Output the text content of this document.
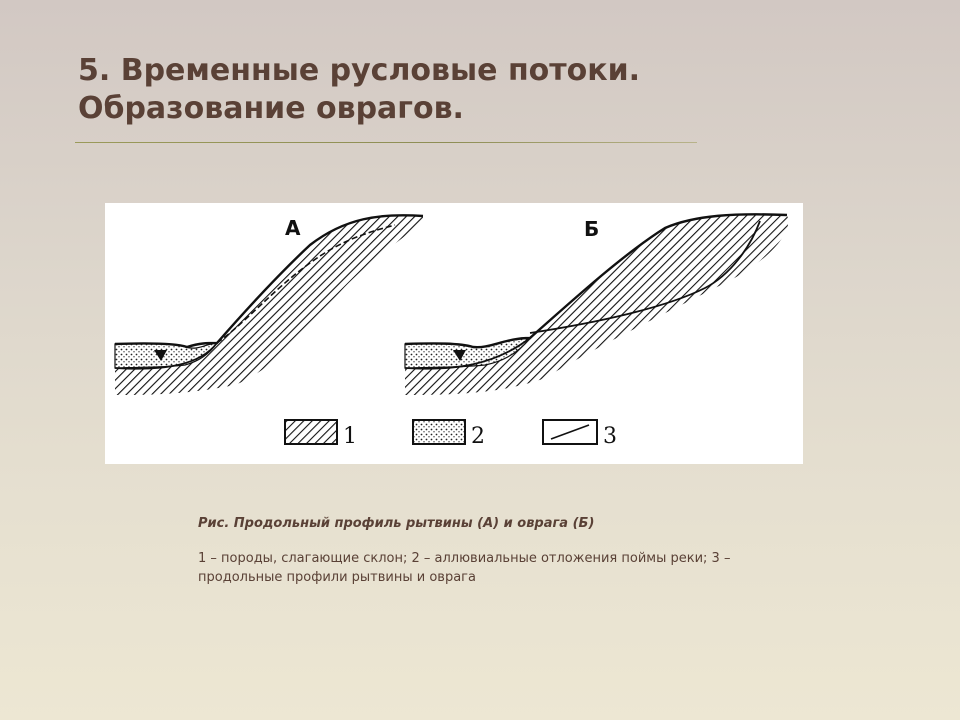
5. Временные русловые потоки.
Образование оврагов.
А	Б
1	2	3
Рис. Продольный профиль рытвины (А) и оврага (Б)
1 – породы, слагающие склон; 2 – аллювиальные отложения поймы реки; 3 – продольные профили рытвины и оврага
